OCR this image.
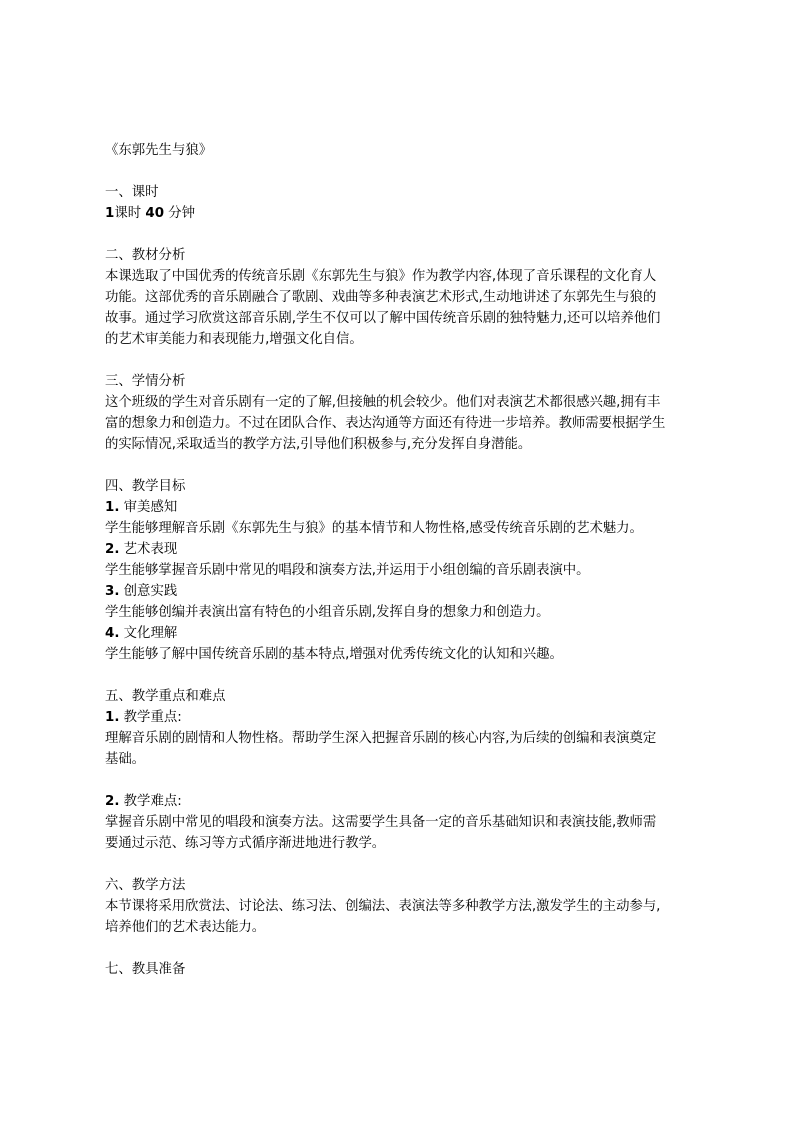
《东郭先生与狼》
一、课时
1课时 40 分钟
二、教材分析
本课选取了中国优秀的传统音乐剧《东郭先生与狼》作为教学内容,体现了音乐课程的文化育人
功能。这部优秀的音乐剧融合了歌剧、戏曲等多种表演艺术形式,生动地讲述了东郭先生与狼的
故事。通过学习欣赏这部音乐剧,学生不仅可以了解中国传统音乐剧的独特魅力,还可以培养他们
的艺术审美能力和表现能力,增强文化自信。
三、学情分析
这个班级的学生对音乐剧有一定的了解,但接触的机会较少。他们对表演艺术都很感兴趣,拥有丰
富的想象力和创造力。不过在团队合作、表达沟通等方面还有待进一步培养。教师需要根据学生
的实际情况,采取适当的教学方法,引导他们积极参与,充分发挥自身潜能。
四、教学目标
1. 审美感知
学生能够理解音乐剧《东郭先生与狼》的基本情节和人物性格,感受传统音乐剧的艺术魅力。
2. 艺术表现
学生能够掌握音乐剧中常见的唱段和演奏方法,并运用于小组创编的音乐剧表演中。
3. 创意实践
学生能够创编并表演出富有特色的小组音乐剧,发挥自身的想象力和创造力。
4. 文化理解
学生能够了解中国传统音乐剧的基本特点,增强对优秀传统文化的认知和兴趣。
五、教学重点和难点
1. 教学重点:
理解音乐剧的剧情和人物性格。帮助学生深入把握音乐剧的核心内容,为后续的创编和表演奠定
基础。
2. 教学难点:
掌握音乐剧中常见的唱段和演奏方法。这需要学生具备一定的音乐基础知识和表演技能,教师需
要通过示范、练习等方式循序渐进地进行教学。
六、教学方法
本节课将采用欣赏法、讨论法、练习法、创编法、表演法等多种教学方法,激发学生的主动参与,
培养他们的艺术表达能力。
七、教具准备
